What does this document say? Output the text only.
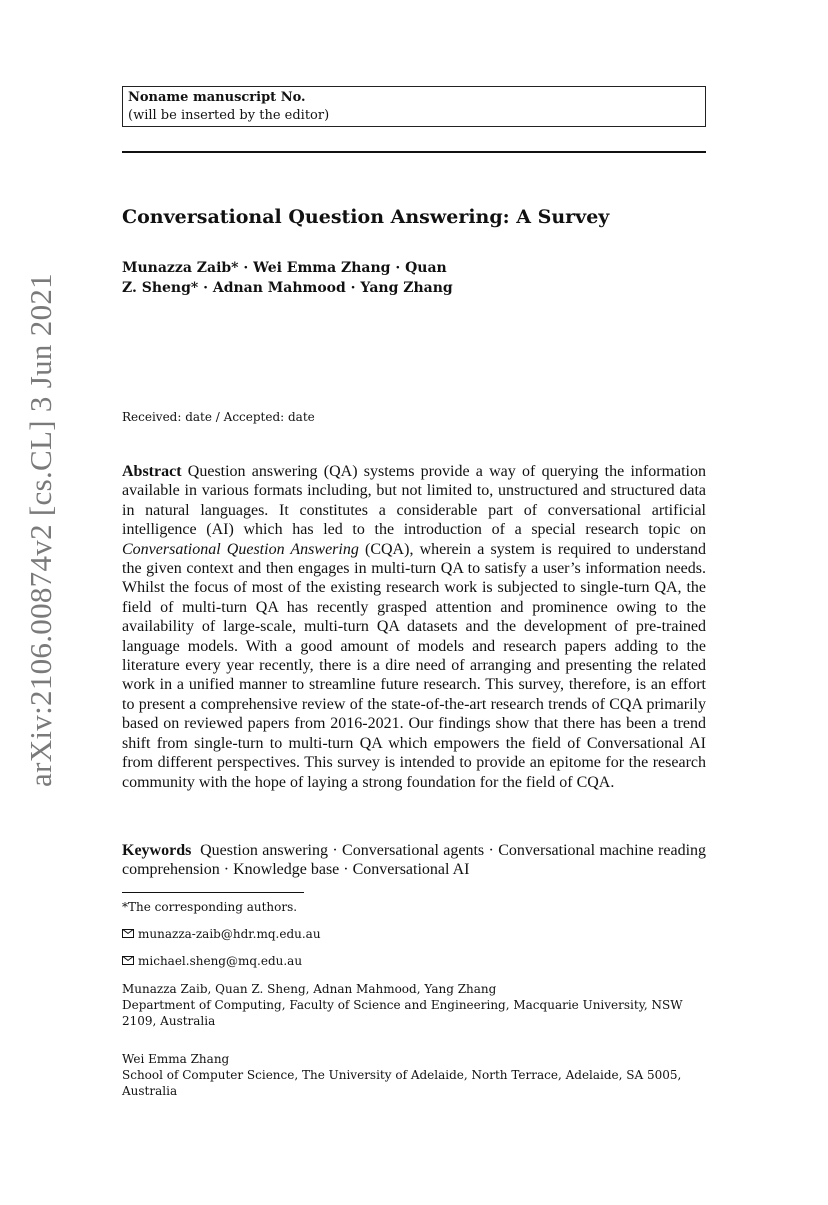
arXiv:2106.00874v2 [cs.CL] 3 Jun 2021
Noname manuscript No.
(will be inserted by the editor)
Conversational Question Answering: A Survey
Munazza Zaib* · Wei Emma Zhang · Quan
Z. Sheng* · Adnan Mahmood · Yang Zhang
Received: date / Accepted: date
Abstract Question answering (QA) systems provide a way of querying the information available in various formats including, but not limited to, unstructured and structured data in natural languages. It constitutes a considerable part of conversational artificial intelligence (AI) which has led to the introduction of a special research topic on Conversational Question Answering (CQA), wherein a system is required to understand the given context and then engages in multi-turn QA to satisfy a user’s information needs. Whilst the focus of most of the existing research work is subjected to single-turn QA, the field of multi-turn QA has recently grasped attention and prominence owing to the availability of large-scale, multi-turn QA datasets and the development of pre-trained language models. With a good amount of models and research papers adding to the literature every year recently, there is a dire need of arranging and presenting the related work in a unified manner to streamline future research. This survey, therefore, is an effort to present a comprehensive review of the state-of-the-art research trends of CQA primarily based on reviewed papers from 2016-2021. Our findings show that there has been a trend shift from single-turn to multi-turn QA which empowers the field of Conversational AI from different perspectives. This survey is intended to provide an epitome for the research community with the hope of laying a strong foundation for the field of CQA.
Keywords Question answering · Conversational agents · Conversational machine reading comprehension · Knowledge base · Conversational AI
*The corresponding authors.
munazza-zaib@hdr.mq.edu.au
michael.sheng@mq.edu.au
Munazza Zaib, Quan Z. Sheng, Adnan Mahmood, Yang Zhang
Department of Computing, Faculty of Science and Engineering, Macquarie University, NSW 2109, Australia
Wei Emma Zhang
School of Computer Science, The University of Adelaide, North Terrace, Adelaide, SA 5005, Australia
